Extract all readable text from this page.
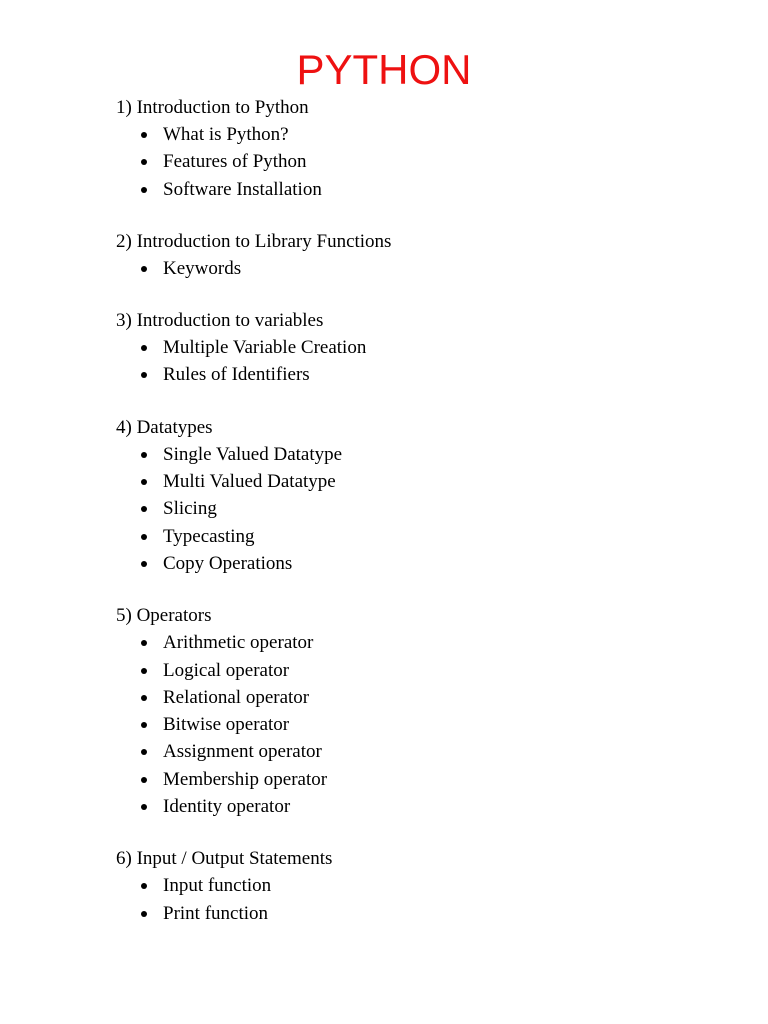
PYTHON
1) Introduction to Python
What is Python?
Features of Python
Software Installation
2) Introduction to Library Functions
Keywords
3) Introduction to variables
Multiple Variable Creation
Rules of Identifiers
4) Datatypes
Single Valued Datatype
Multi Valued Datatype
Slicing
Typecasting
Copy Operations
5) Operators
Arithmetic operator
Logical operator
Relational operator
Bitwise operator
Assignment operator
Membership operator
Identity operator
6) Input / Output Statements
Input function
Print function
